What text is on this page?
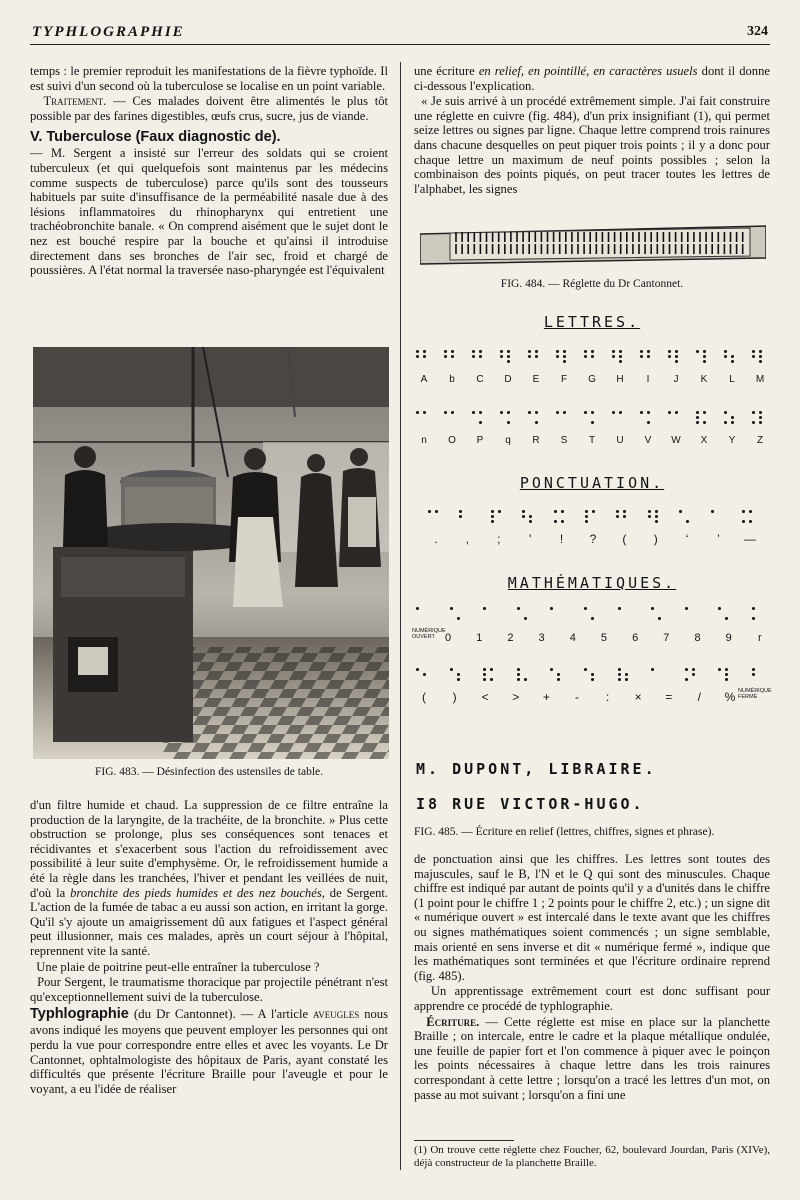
TYPHLOGRAPHIE	324

temps : le premier reproduit les manifestations de la fièvre typhoïde. Il est suivi d'un second où la tuberculose se localise en un point variable.

Traitement. — Ces malades doivent être alimentés le plus tôt possible par des farines digestibles, œufs crus, sucre, jus de viande.

V. Tuberculose (Faux diagnostic de).

— M. Sergent a insisté sur l'erreur des soldats qui se croient tuberculeux (et qui quelquefois sont maintenus par les médecins comme suspects de tuberculose) parce qu'ils sont des tousseurs habituels par suite d'insuffisance de la perméabilité nasale due à des lésions inflammatoires du rhinopharynx qui entretient une trachéobronchite banale. « On comprend aisément que le sujet dont le nez est bouché respire par la bouche et qu'ainsi il introduise directement dans ses bronches de l'air sec, froid et chargé de poussières. A l'état normal la traversée naso-pharyngée est l'équivalent

FIG. 483. — Désinfection des ustensiles de table.

d'un filtre humide et chaud. La suppression de ce filtre entraîne la production de la laryngite, de la trachéite, de la bronchite. » Plus cette obstruction se prolonge, plus ses conséquences sont tenaces et récidivantes et s'exacerbent sous l'action du refroidissement avec possibilité à leur suite d'emphysème. Or, le refroidissement humide a été la règle dans les tranchées, l'hiver et pendant les veillées de nuit, d'où la bronchite des pieds humides et des nez bouchés, de Sergent. L'action de la fumée de tabac a eu aussi son action, en irritant la gorge. Qu'il s'y ajoute un amaigrissement dû aux fatigues et l'aspect général peut illusionner, mais ces malades, après un court séjour à l'hôpital, reprennent vite la santé.

Une plaie de poitrine peut-elle entraîner la tuberculose ?

Pour Sergent, le traumatisme thoracique par projectile pénétrant n'est qu'exceptionnellement suivi de la tuberculose.

Typhlographie (du Dr Cantonnet). — A l'article aveugles nous avons indiqué les moyens que peuvent employer les personnes qui ont perdu la vue pour correspondre entre elles et avec les voyants. Le Dr Cantonnet, ophtalmologiste des hôpitaux de Paris, ayant constaté les difficultés que présente l'écriture Braille pour l'aveugle et pour le voyant, a eu l'idée de réaliser

une écriture en relief, en pointillé, en caractères usuels dont il donne ci-dessous l'explication.

« Je suis arrivé à un procédé extrêmement simple. J'ai fait construire une réglette en cuivre (fig. 484), d'un prix insignifiant (1), qui permet seize lettres ou signes par ligne. Chaque lettre comprend trois rainures dans chacune desquelles on peut piquer trois points ; il y a donc pour chaque lettre un maximum de neuf points possibles ; selon la combinaison des points piqués, on peut tracer toutes les lettres de l'alphabet, les signes

FIG. 484. — Réglette du Dr Cantonnet.
LETTRES.
A	b	C	D	E	F	G	H	I	J	K	L	M
n	O	P	q	R	S	T	U	V	W	X	Y	Z
PONCTUATION.
.	,	;	'	!	?	(	)	‘	’	—
MATHÉMATIQUES.
NUMÉRIQUE OUVERT 0	1	2	3	4	5	6	7	8	9	r
(	)	<	>	+	-	:	×	=	/	% NUMÉRIQUE FERMÉ
M. DUPONT, LIBRAIRE.
I8 RUE VICTOR-HUGO.
FIG. 485. — Écriture en relief (lettres, chiffres, signes et phrase).

de ponctuation ainsi que les chiffres. Les lettres sont toutes des majuscules, sauf le B, l'N et le Q qui sont des minuscules. Chaque chiffre est indiqué par autant de points qu'il y a d'unités dans le chiffre (1 point pour le chiffre 1 ; 2 points pour le chiffre 2, etc.) ; un signe dit « numérique ouvert » est intercalé dans le texte avant que les chiffres ou signes mathématiques soient commencés ; un signe semblable, mais orienté en sens inverse et dit « numérique fermé », indique que les mathématiques sont terminées et que l'écriture ordinaire reprend (fig. 485).

Un apprentissage extrêmement court est donc suffisant pour apprendre ce procédé de typhlographie.

Écriture. — Cette réglette est mise en place sur la planchette Braille ; on intercale, entre le cadre et la plaque métallique ondulée, une feuille de papier fort et l'on commence à piquer avec le poinçon les points nécessaires à chaque lettre dans les trois rainures correspondant à cette lettre ; lorsqu'on a tracé les lettres d'un mot, on passe au mot suivant ; lorsqu'on a fini une

(1) On trouve cette réglette chez Foucher, 62, boulevard Jourdan, Paris (XIVe), déjà constructeur de la planchette Braille.
